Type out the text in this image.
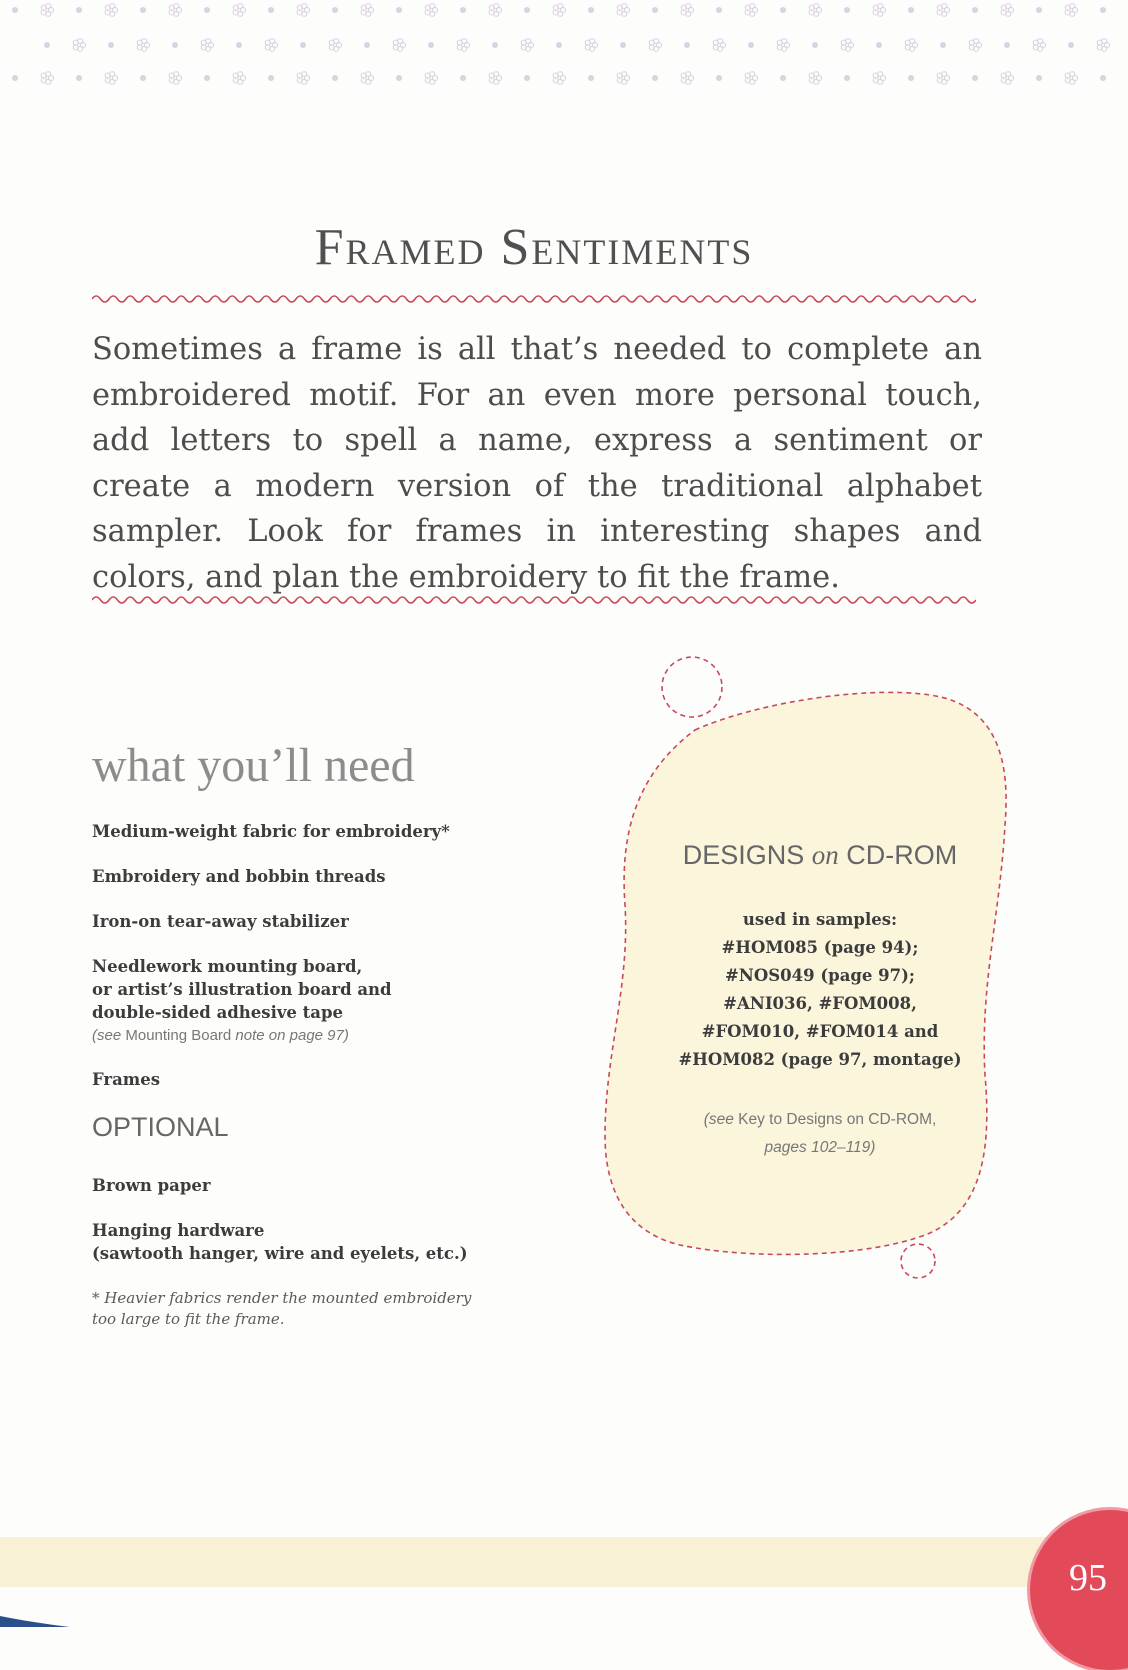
Framed Sentiments

Sometimes a frame is all that’s needed to complete an embroidered motif. For an even more personal touch, add letters to spell a name, express a sentiment or create a modern version of the traditional alphabet sampler. Look for frames in interesting shapes and colors, and plan the embroidery to fit the frame.

what you’ll need

Medium-weight fabric for embroidery*

Embroidery and bobbin threads

Iron-on tear-away stabilizer

Needlework mounting board,
or artist’s illustration board and
double-sided adhesive tape
(see Mounting Board note on page 97)

Frames

OPTIONAL

Brown paper

Hanging hardware
(sawtooth hanger, wire and eyelets, etc.)
* Heavier fabrics render the mounted embroidery
too large to fit the frame.
DESIGNS on CD-ROM
used in samples:
#HOM085 (page 94);
#NOS049 (page 97);
#ANI036, #FOM008,
#FOM010, #FOM014 and
#HOM082 (page 97, montage)
(see Key to Designs on CD-ROM,
pages 102–119)
95
